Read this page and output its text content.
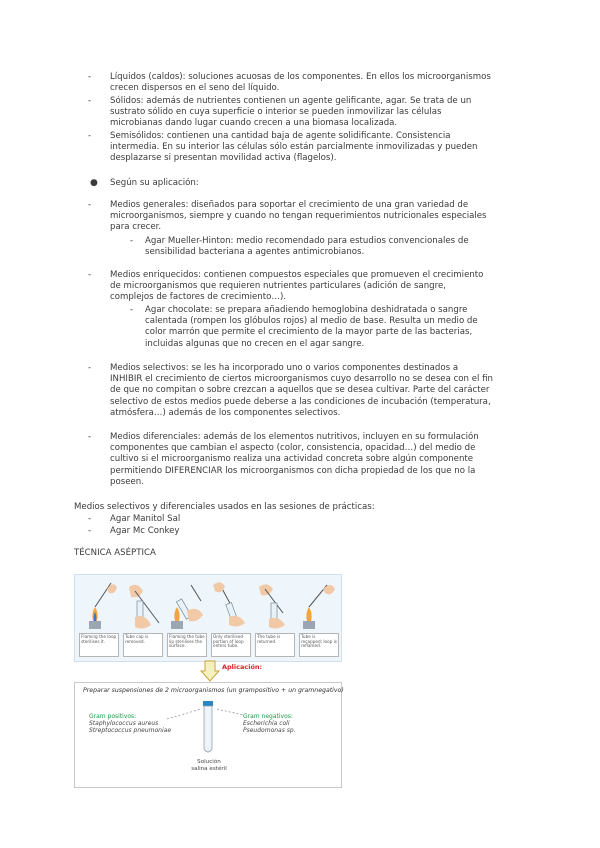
-	Líquidos (caldos): soluciones acuosas de los componentes. En ellos los microorganismos
crecen dispersos en el seno del líquido.
-	Sólidos: además de nutrientes contienen un agente gelificante, agar. Se trata de un
sustrato sólido en cuya superficie o interior se pueden inmovilizar las células
microbianas dando lugar cuando crecen a una biomasa localizada.
-	Semisólidos: contienen una cantidad baja de agente solidificante. Consistencia
intermedia. En su interior las células sólo están parcialmente inmovilizadas y pueden
desplazarse si presentan movilidad activa (flagelos).
● Según su aplicación:
-	Medios generales: diseñados para soportar el crecimiento de una gran variedad de
microorganismos, siempre y cuando no tengan requerimientos nutricionales especiales
para crecer.
-	Agar Mueller-Hinton: medio recomendado para estudios convencionales de
sensibilidad bacteriana a agentes antimicrobianos.
-	Medios enriquecidos: contienen compuestos especiales que promueven el crecimiento
de microorganismos que requieren nutrientes particulares (adición de sangre,
complejos de factores de crecimiento…).
-	Agar chocolate: se prepara añadiendo hemoglobina deshidratada o sangre
calentada (rompen los glóbulos rojos) al medio de base. Resulta un medio de
color marrón que permite el crecimiento de la mayor parte de las bacterias,
incluidas algunas que no crecen en el agar sangre.
-	Medios selectivos: se les ha incorporado uno o varios componentes destinados a
INHIBIR el crecimiento de ciertos microorganismos cuyo desarrollo no se desea con el fin
de que no compitan o sobre crezcan a aquellos que se desea cultivar. Parte del carácter
selectivo de estos medios puede deberse a las condiciones de incubación (temperatura,
atmósfera…) además de los componentes selectivos.
-	Medios diferenciales: además de los elementos nutritivos, incluyen en su formulación
componentes que cambian el aspecto (color, consistencia, opacidad…) del medio de
cultivo si el microorganismo realiza una actividad concreta sobre algún componente
permitiendo DIFERENCIAR los microorganismos con dicha propiedad de los que no la
poseen.
Medios selectivos y diferenciales usados en las sesiones de prácticas:
-	Agar Manitol Sal
-	Agar Mc Conkey
TÉCNICA ASÉPTICA
Flaming the loop sterilises it.
Tube cap is removed.
Flaming the tube lip sterilises the surface.
Only sterilised portion of loop enters tube.
The tube is returned.
Tube is recapped; loop is reflamed.
Aplicación:
Preparar suspensiones de 2 microorganismos (un grampositivo + un gramnegativo)
Gram positivos:
Staphylococcus aureus
Streptococcus pneumoniae
Gram negativos:
Escherichia coli
Pseudomonas sp.
Solución
salina estéril
